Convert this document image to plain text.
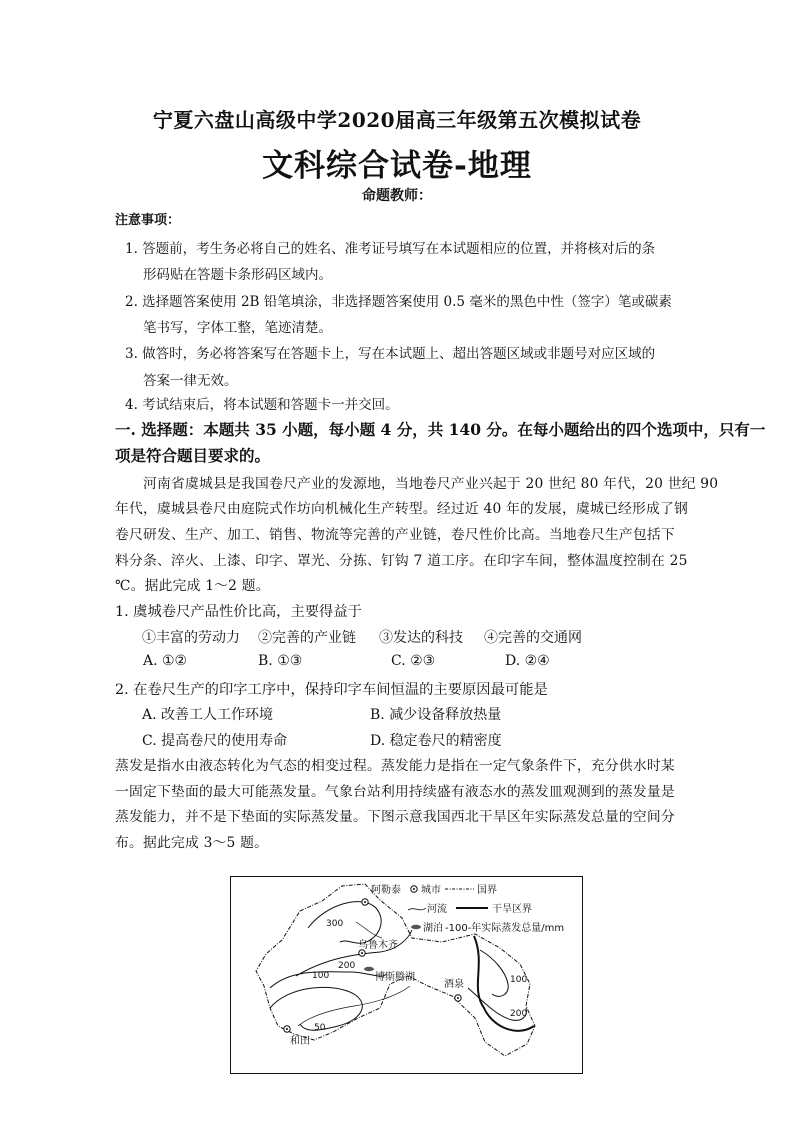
宁夏六盘山高级中学2020届高三年级第五次模拟试卷
文科综合试卷-地理
命题教师：
注意事项：
1. 答题前，考生务必将自己的姓名、准考证号填写在本试题相应的位置，并将核对后的条
形码贴在答题卡条形码区域内。
2. 选择题答案使用 2B 铅笔填涂，非选择题答案使用 0.5 毫米的黑色中性（签字）笔或碳素
笔书写，字体工整，笔迹清楚。
3. 做答时，务必将答案写在答题卡上，写在本试题上、超出答题区域或非题号对应区域的
答案一律无效。
4. 考试结束后，将本试题和答题卡一并交回。
一. 选择题：本题共 35 小题，每小题 4 分，共 140 分。在每小题给出的四个选项中，只有一
项是符合题目要求的。
河南省虞城县是我国卷尺产业的发源地，当地卷尺产业兴起于 20 世纪 80 年代，20 世纪 90
年代，虞城县卷尺由庭院式作坊向机械化生产转型。经过近 40 年的发展，虞城已经形成了钢
卷尺研发、生产、加工、销售、物流等完善的产业链，卷尺性价比高。当地卷尺生产包括下
料分条、淬火、上漆、印字、罩光、分拣、钉钩 7 道工序。在印字车间，整体温度控制在 25
℃。据此完成 1～2 题。
1. 虞城卷尺产品性价比高，主要得益于
①丰富的劳动力 ②完善的产业链 ③发达的科技 ④完善的交通网
A. ①②	B. ①③	C. ②③	D. ②④
2. 在卷尺生产的印字工序中，保持印字车间恒温的主要原因最可能是
A. 改善工人工作环境	B. 减少设备释放热量
C. 提高卷尺的使用寿命	D. 稳定卷尺的精密度
蒸发是指水由液态转化为气态的相变过程。蒸发能力是指在一定气象条件下，充分供水时某
一固定下垫面的最大可能蒸发量。气象台站利用持续盛有液态水的蒸发皿观测到的蒸发量是
蒸发能力，并不是下垫面的实际蒸发量。下图示意我国西北干旱区年实际蒸发总量的空间分
布。据此完成 3～5 题。
阿勒泰
乌鲁木齐
博斯腾湖
酒泉
和田
300
200
100
50
100
200
城市	国界
河流	干旱区界
湖泊 -100-年实际蒸发总量/mm
